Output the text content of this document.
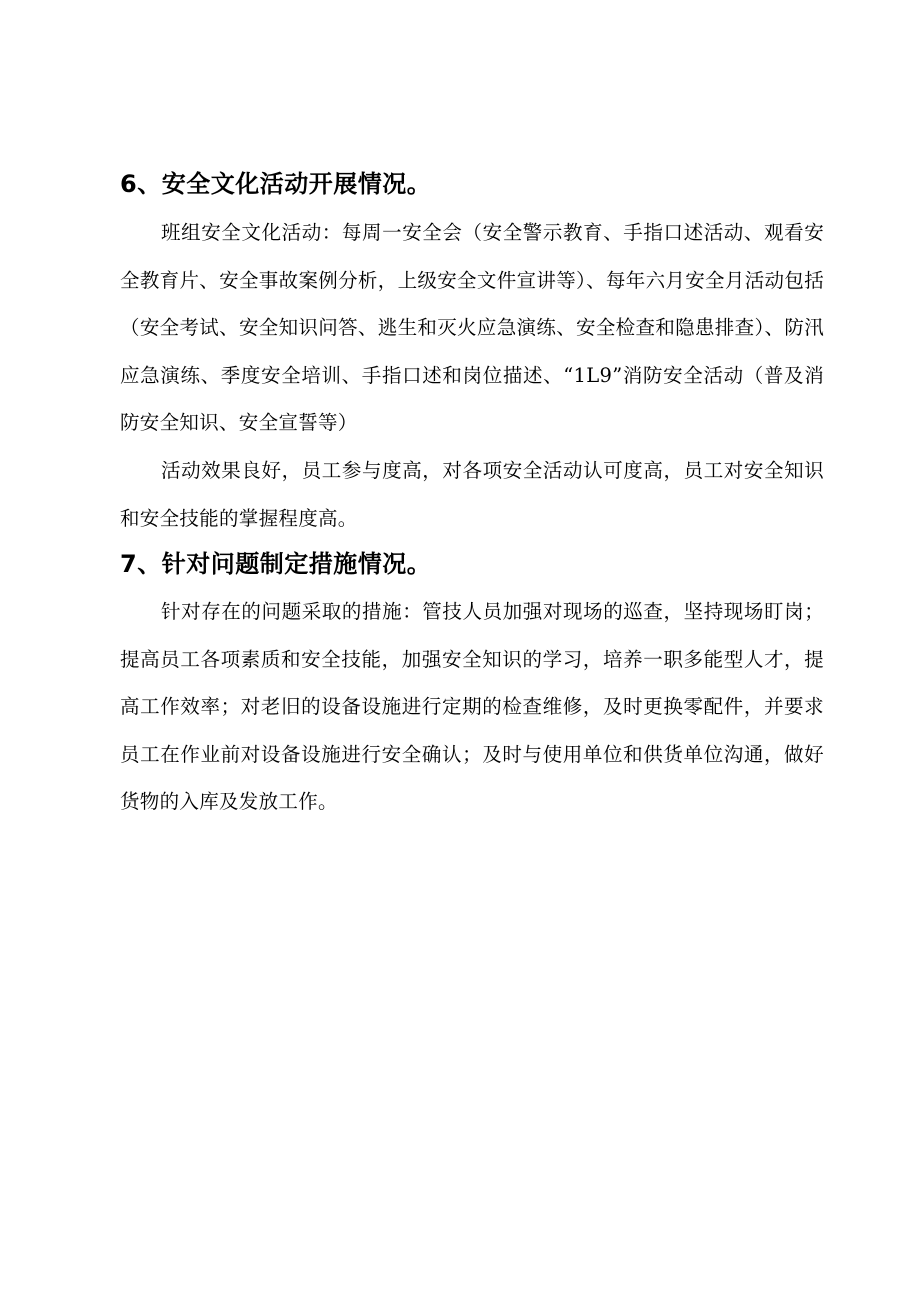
6、安全文化活动开展情况。

班组安全文化活动：每周一安全会（安全警示教育、手指口述活动、观看安全教育片、安全事故案例分析，上级安全文件宣讲等）、每年六月安全月活动包括（安全考试、安全知识问答、逃生和灭火应急演练、安全检查和隐患排查）、防汛应急演练、季度安全培训、手指口述和岗位描述、“1L9”消防安全活动（普及消防安全知识、安全宣誓等）

活动效果良好，员工参与度高，对各项安全活动认可度高，员工对安全知识和安全技能的掌握程度高。

7、针对问题制定措施情况。

针对存在的问题采取的措施：管技人员加强对现场的巡查，坚持现场盯岗；提高员工各项素质和安全技能，加强安全知识的学习，培养一职多能型人才，提高工作效率；对老旧的设备设施进行定期的检查维修，及时更换零配件，并要求员工在作业前对设备设施进行安全确认；及时与使用单位和供货单位沟通，做好货物的入库及发放工作。
